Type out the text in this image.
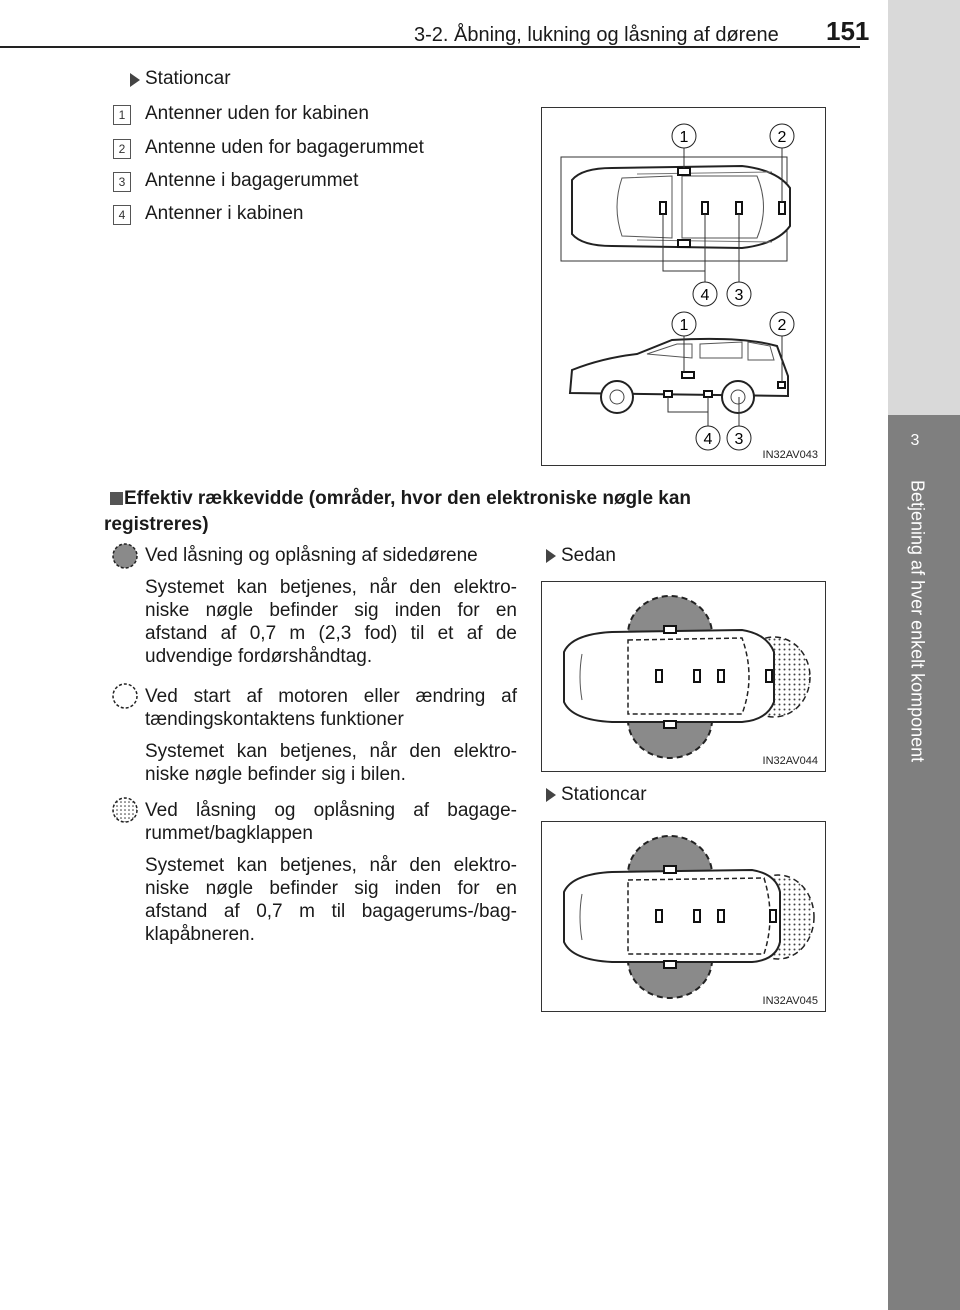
3-2. Åbning, lukning og låsning af dørene 151
3
Betjening af hver enkelt komponent
Stationcar
1 Antenner uden for kabinen
2 Antenne uden for bagagerummet
3 Antenne i bagagerummet
4 Antenner i kabinen
1	2
4 3
1	2
4 3
IN32AV043
Effektiv rækkevidde (områder, hvor den elektroniske nøgle kan registreres)
Ved låsning og oplåsning af sidedørene
Systemet kan betjenes, når den elektroniske nøgle befinder sig inden for en afstand af 0,7 m (2,3 fod) til et af de udvendige fordørshåndtag.
Ved start af motoren eller ændring af tændingskontaktens funktioner
Systemet kan betjenes, når den elektroniske nøgle befinder sig i bilen.
Ved låsning og oplåsning af bagagerummet/bagklappen
Systemet kan betjenes, når den elektroniske nøgle befinder sig inden for en afstand af 0,7 m til bagagerums-/bagklapåbneren.
Sedan
IN32AV044
Stationcar
IN32AV045
